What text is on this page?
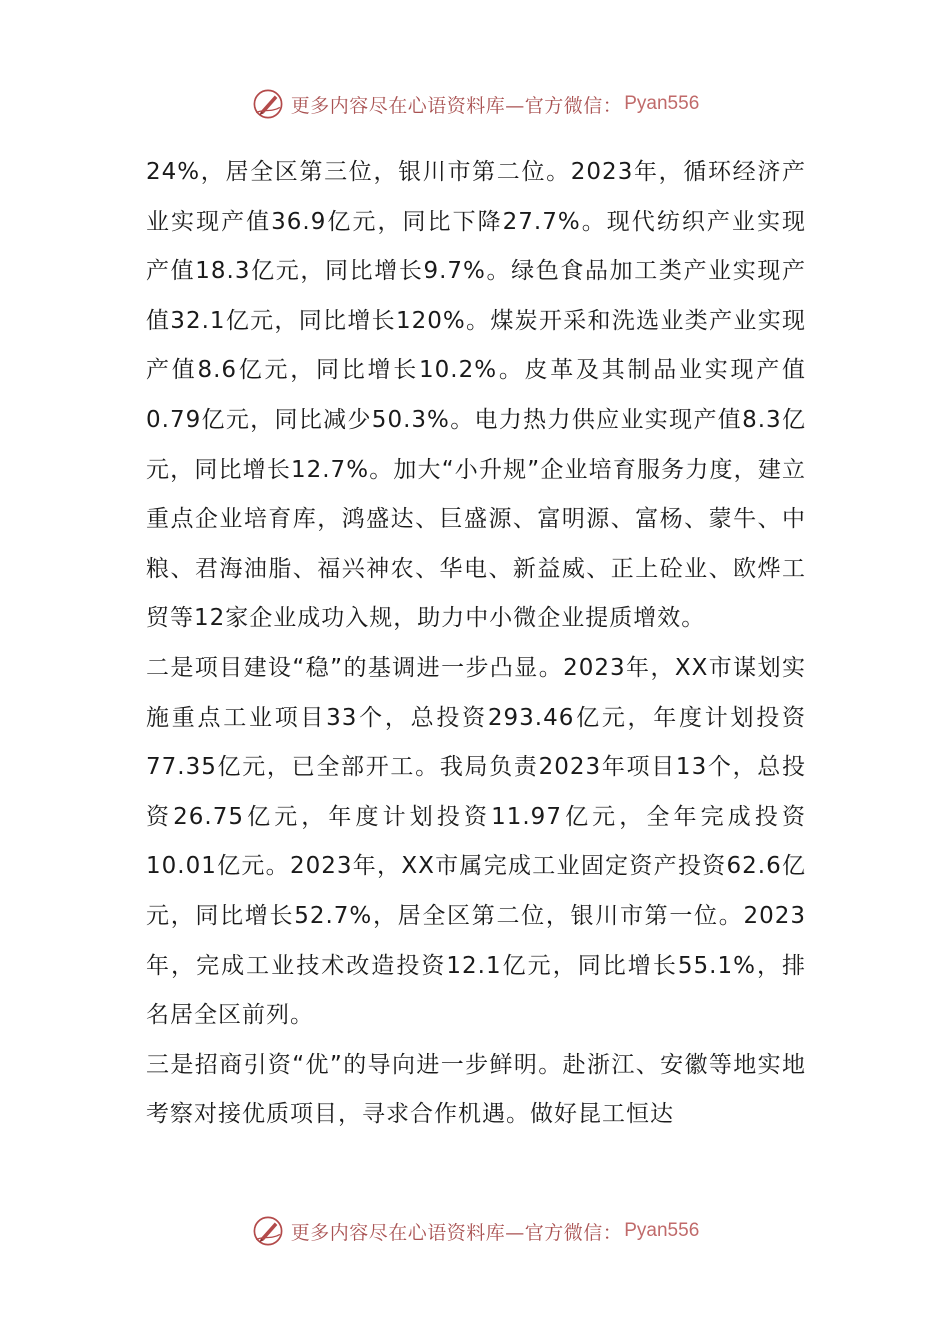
更多内容尽在心语资料库—官方微信： Pyan556

24%，居全区第三位，银川市第二位。2023年，循环经济产业实现产值36.9亿元，同比下降27.7%。现代纺织产业实现产值18.3亿元，同比增长9.7%。绿色食品加工类产业实现产值32.1亿元，同比增长120%。煤炭开采和洗选业类产业实现产值8.6亿元，同比增长10.2%。皮革及其制品业实现产值0.79亿元，同比减少50.3%。电力热力供应业实现产值8.3亿元，同比增长12.7%。加大“小升规”企业培育服务力度，建立重点企业培育库，鸿盛达、巨盛源、富明源、富杨、蒙牛、中粮、君海油脂、福兴神农、华电、新益威、正上砼业、欧烨工贸等12家企业成功入规，助力中小微企业提质增效。

二是项目建设“稳”的基调进一步凸显。2023年，XX市谋划实施重点工业项目33个，总投资293.46亿元，年度计划投资77.35亿元，已全部开工。我局负责2023年项目13个，总投资26.75亿元，年度计划投资11.97亿元，全年完成投资10.01亿元。2023年，XX市属完成工业固定资产投资62.6亿元，同比增长52.7%，居全区第二位，银川市第一位。2023年，完成工业技术改造投资12.1亿元，同比增长55.1%，排名居全区前列。

三是招商引资“优”的导向进一步鲜明。赴浙江、安徽等地实地考察对接优质项目，寻求合作机遇。做好昆工恒达

更多内容尽在心语资料库—官方微信： Pyan556
